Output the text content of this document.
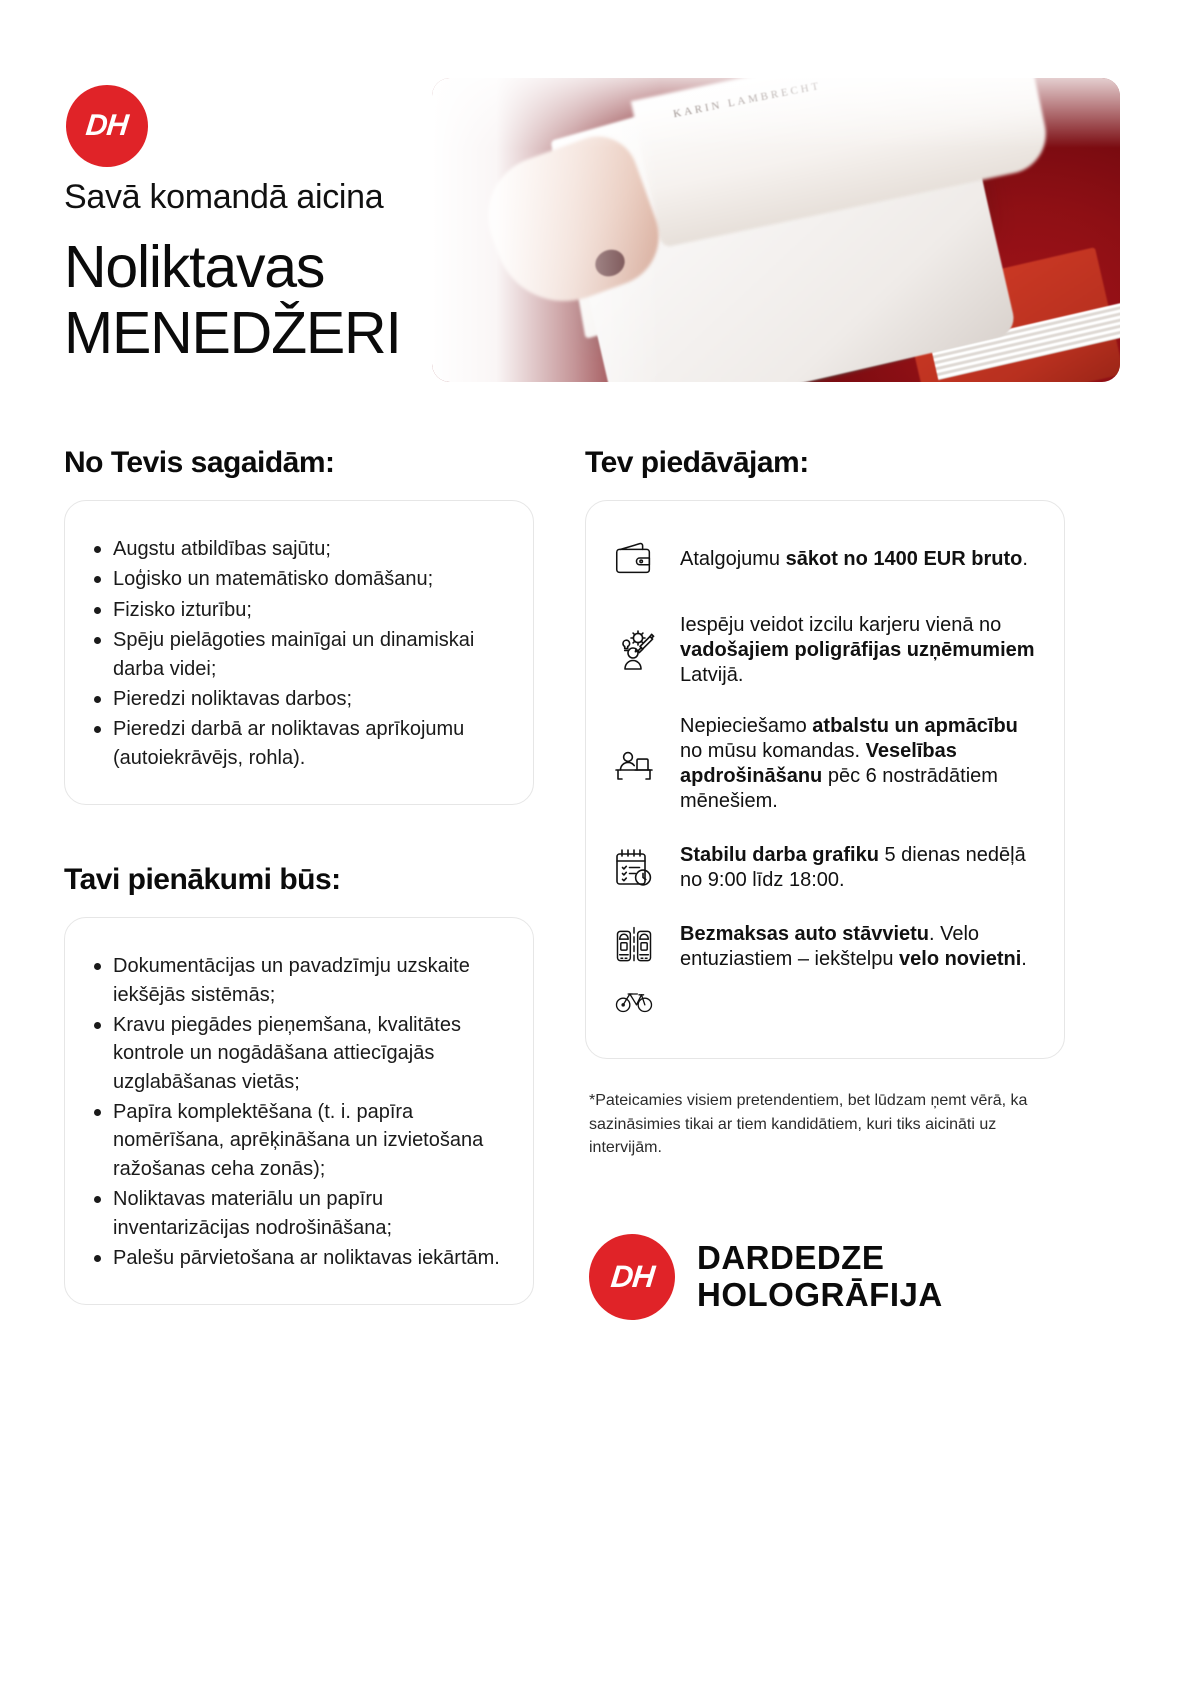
DH
Savā komandā aicina
Noliktavas
MENEDŽERI
No Tevis sagaidām:
Augstu atbildības sajūtu;
Loģisko un matemātisko domāšanu;
Fizisko izturību;
Spēju pielāgoties mainīgai un dinamiskai darba videi;
Pieredzi noliktavas darbos;
Pieredzi darbā ar noliktavas aprīkojumu (autoiekrāvējs, rohla).
Tavi pienākumi būs:
Dokumentācijas un pavadzīmju uzskaite iekšējās sistēmās;
Kravu piegādes pieņemšana, kvalitātes kontrole un nogādāšana attiecīgajās uzglabāšanas vietās;
Papīra komplektēšana (t. i. papīra nomērīšana, aprēķināšana un izvietošana ražošanas ceha zonās);
Noliktavas materiālu un papīru inventarizācijas nodrošināšana;
Palešu pārvietošana ar noliktavas iekārtām.
Tev piedāvājam:
Atalgojumu sākot no 1400 EUR bruto.
Iespēju veidot izcilu karjeru vienā no vadošajiem poligrāfijas uzņēmumiem Latvijā.
Nepieciešamo atbalstu un apmācību no mūsu komandas. Veselības apdrošināšanu pēc 6 nostrādātiem mēnešiem.
Stabilu darba grafiku 5 dienas nedēļā no 9:00 līdz 18:00.
Bezmaksas auto stāvvietu. Velo entuziastiem – iekštelpu velo novietni.
*Pateicamies visiem pretendentiem, bet lūdzam ņemt vērā, ka sazināsimies tikai ar tiem kandidātiem, kuri tiks aicināti uz intervijām.
DH
DARDEDZE
HOLOGRĀFIJA
